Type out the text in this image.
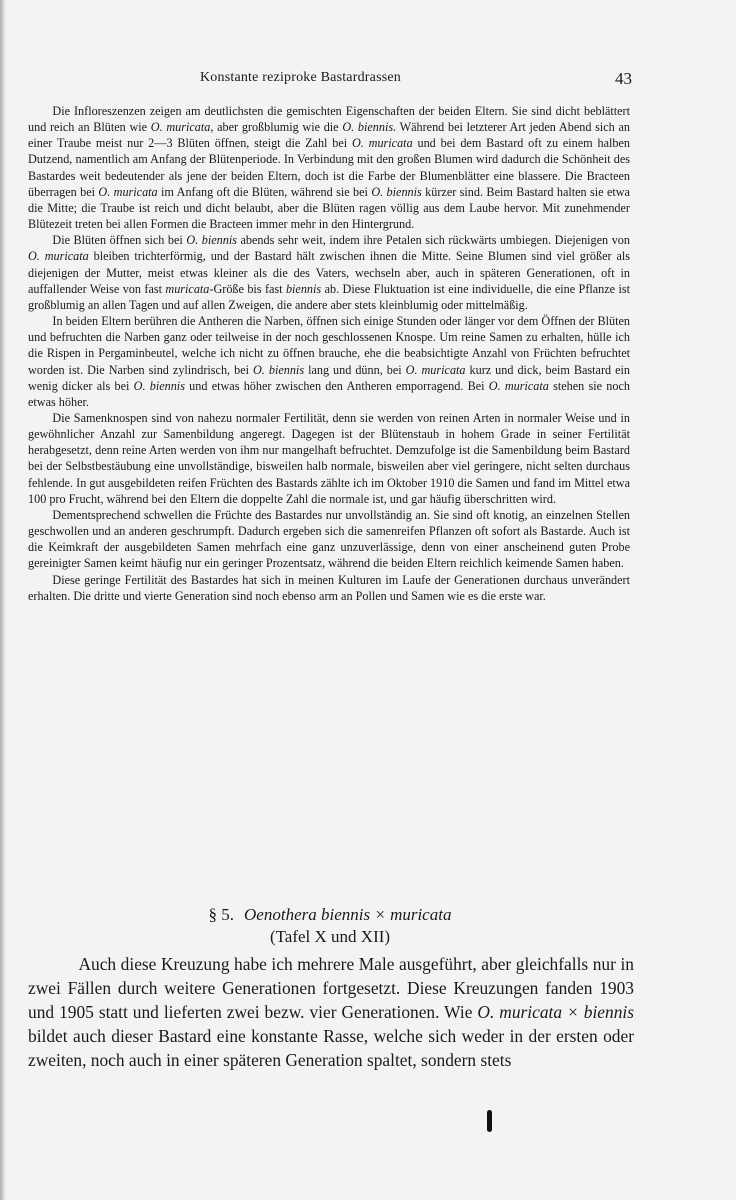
Konstante reziproke Bastardrassen	43

Die Infloreszenzen zeigen am deutlichsten die gemischten Eigenschaften der beiden Eltern. Sie sind dicht beblättert und reich an Blüten wie O. muricata, aber großblumig wie die O. biennis. Während bei letzterer Art jeden Abend sich an einer Traube meist nur 2—3 Blüten öffnen, steigt die Zahl bei O. muricata und bei dem Bastard oft zu einem halben Dutzend, namentlich am Anfang der Blütenperiode. In Verbindung mit den großen Blumen wird dadurch die Schönheit des Bastardes weit bedeutender als jene der beiden Eltern, doch ist die Farbe der Blumenblätter eine blassere. Die Bracteen überragen bei O. muricata im Anfang oft die Blüten, während sie bei O. biennis kürzer sind. Beim Bastard halten sie etwa die Mitte; die Traube ist reich und dicht belaubt, aber die Blüten ragen völlig aus dem Laube hervor. Mit zunehmender Blütezeit treten bei allen Formen die Bracteen immer mehr in den Hintergrund.

Die Blüten öffnen sich bei O. biennis abends sehr weit, indem ihre Petalen sich rückwärts umbiegen. Diejenigen von O. muricata bleiben trichterförmig, und der Bastard hält zwischen ihnen die Mitte. Seine Blumen sind viel größer als diejenigen der Mutter, meist etwas kleiner als die des Vaters, wechseln aber, auch in späteren Generationen, oft in auffallender Weise von fast muricata-Größe bis fast biennis ab. Diese Fluktuation ist eine individuelle, die eine Pflanze ist großblumig an allen Tagen und auf allen Zweigen, die andere aber stets kleinblumig oder mittelmäßig.

In beiden Eltern berühren die Antheren die Narben, öffnen sich einige Stunden oder länger vor dem Öffnen der Blüten und befruchten die Narben ganz oder teilweise in der noch geschlossenen Knospe. Um reine Samen zu erhalten, hülle ich die Rispen in Pergaminbeutel, welche ich nicht zu öffnen brauche, ehe die beabsichtigte Anzahl von Früchten befruchtet worden ist. Die Narben sind zylindrisch, bei O. biennis lang und dünn, bei O. muricata kurz und dick, beim Bastard ein wenig dicker als bei O. biennis und etwas höher zwischen den Antheren emporragend. Bei O. muricata stehen sie noch etwas höher.

Die Samenknospen sind von nahezu normaler Fertilität, denn sie werden von reinen Arten in normaler Weise und in gewöhnlicher Anzahl zur Samenbildung angeregt. Dagegen ist der Blütenstaub in hohem Grade in seiner Fertilität herabgesetzt, denn reine Arten werden von ihm nur mangelhaft befruchtet. Demzufolge ist die Samenbildung beim Bastard bei der Selbstbestäubung eine unvollständige, bisweilen halb normale, bisweilen aber viel geringere, nicht selten durchaus fehlende. In gut ausgebildeten reifen Früchten des Bastards zählte ich im Oktober 1910 die Samen und fand im Mittel etwa 100 pro Frucht, während bei den Eltern die doppelte Zahl die normale ist, und gar häufig überschritten wird.

Dementsprechend schwellen die Früchte des Bastardes nur unvollständig an. Sie sind oft knotig, an einzelnen Stellen geschwollen und an anderen geschrumpft. Dadurch ergeben sich die samenreifen Pflanzen oft sofort als Bastarde. Auch ist die Keimkraft der ausgebildeten Samen mehrfach eine ganz unzuverlässige, denn von einer anscheinend guten Probe gereinigter Samen keimt häufig nur ein geringer Prozentsatz, während die beiden Eltern reichlich keimende Samen haben.

Diese geringe Fertilität des Bastardes hat sich in meinen Kulturen im Laufe der Generationen durchaus unverändert erhalten. Die dritte und vierte Generation sind noch ebenso arm an Pollen und Samen wie es die erste war.

§ 5. Oenothera biennis × muricata
(Tafel X und XII)

Auch diese Kreuzung habe ich mehrere Male ausgeführt, aber gleichfalls nur in zwei Fällen durch weitere Generationen fortgesetzt. Diese Kreuzungen fanden 1903 und 1905 statt und lieferten zwei bezw. vier Generationen. Wie O. muricata × biennis bildet auch dieser Bastard eine konstante Rasse, welche sich weder in der ersten oder zweiten, noch auch in einer späteren Generation spaltet, sondern stets
